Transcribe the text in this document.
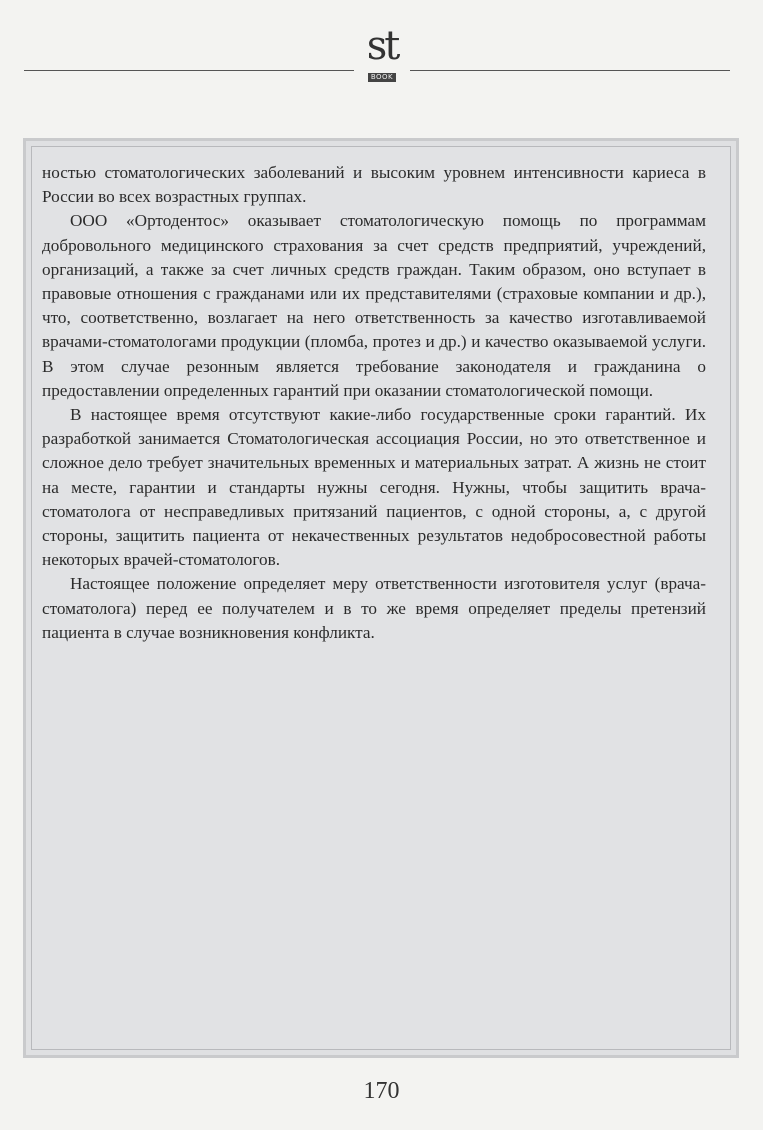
st
BOOK

ностью стоматологических заболеваний и высоким уровнем интенсивности кариеса в России во всех возрастных группах.

ООО «Ортодентос» оказывает стоматологическую помощь по программам добровольного медицинского страхования за счет средств предприятий, учреждений, организаций, а также за счет личных средств граждан. Таким образом, оно вступает в правовые отношения с гражданами или их представителями (страховые компании и др.), что, соответственно, возлагает на него ответственность за качество изготавливаемой врачами-стоматологами продукции (пломба, протез и др.) и качество оказываемой услуги. В этом случае резонным является требование законодателя и гражданина о предоставлении определенных гарантий при оказании стоматологической помощи.

В настоящее время отсутствуют какие-либо государственные сроки гарантий. Их разработкой занимается Стоматологическая ассоциация России, но это ответственное и сложное дело требует значительных временных и материальных затрат. А жизнь не стоит на месте, гарантии и стандарты нужны сегодня. Нужны, чтобы защитить врача-стоматолога от несправедливых притязаний пациентов, с одной стороны, а, с другой стороны, защитить пациента от некачественных результатов недобросовестной работы некоторых врачей-стоматологов.

Настоящее положение определяет меру ответственности изготовителя услуг (врача-стоматолога) перед ее получателем и в то же время определяет пределы претензий пациента в случае возникновения конфликта.

170
